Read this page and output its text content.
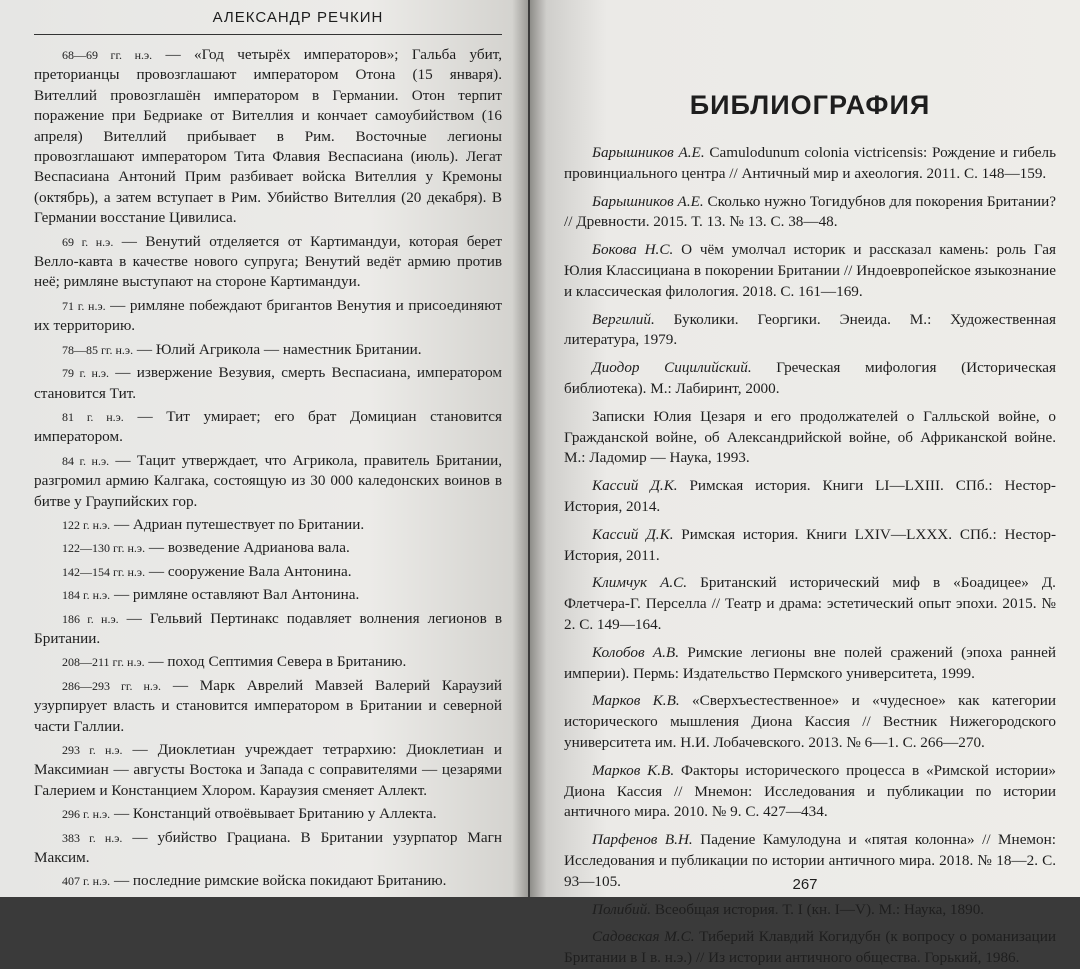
АЛЕКСАНДР РЕЧКИН

68—69 гг. н.э. — «Год четырёх императоров»; Гальба убит, преторианцы провозглашают императором Отона (15 января). Вителлий провозглашён императором в Германии. Отон терпит поражение при Бедриаке от Вителлия и кончает самоубийством (16 апреля) Вителлий прибывает в Рим. Восточные легионы провозглашают императором Тита Флавия Веспасиана (июль). Легат Веспасиана Антоний Прим разбивает войска Вителлия у Кремоны (октябрь), а затем вступает в Рим. Убийство Вителлия (20 декабря). В Германии восстание Цивилиса.

69 г. н.э. — Венутий отделяется от Картимандуи, которая берет Велло-кавта в качестве нового супруга; Венутий ведёт армию против неё; римляне выступают на стороне Картимандуи.

71 г. н.э. — римляне побеждают бригантов Венутия и присоединяют их территорию.

78—85 гг. н.э. — Юлий Агрикола — наместник Британии.

79 г. н.э. — извержение Везувия, смерть Веспасиана, императором становится Тит.

81 г. н.э. — Тит умирает; его брат Домициан становится императором.

84 г. н.э. — Тацит утверждает, что Агрикола, правитель Британии, разгромил армию Калгака, состоящую из 30 000 каледонских воинов в битве у Граупийских гор.

122 г. н.э. — Адриан путешествует по Британии.

122—130 гг. н.э. — возведение Адрианова вала.

142—154 гг. н.э. — сооружение Вала Антонина.

184 г. н.э. — римляне оставляют Вал Антонина.

186 г. н.э. — Гельвий Пертинакс подавляет волнения легионов в Британии.

208—211 гг. н.э. — поход Септимия Севера в Британию.

286—293 гг. н.э. — Марк Аврелий Мавзей Валерий Караузий узурпирует власть и становится императором в Британии и северной части Галлии.

293 г. н.э. — Диоклетиан учреждает тетрархию: Диоклетиан и Максимиан — августы Востока и Запада с соправителями — цезарями Галерием и Констанцием Хлором. Караузия сменяет Аллект.

296 г. н.э. — Констанций отвоёвывает Британию у Аллекта.

383 г. н.э. — убийство Грациана. В Британии узурпатор Магн Максим.

407 г. н.э. — последние римские войска покидают Британию.

БИБЛИОГРАФИЯ

Барышников А.Е. Camulodunum colonia victricensis: Рождение и гибель провинциального центра // Античный мир и ахеология. 2011. С. 148—159.

Барышников А.Е. Сколько нужно Тогидубнов для покорения Британии? // Древности. 2015. Т. 13. № 13. С. 38—48.

Бокова Н.С. О чём умолчал историк и рассказал камень: роль Гая Юлия Классициана в покорении Британии // Индоевропейское языкознание и классическая филология. 2018. С. 161—169.

Вергилий. Буколики. Георгики. Энеида. М.: Художественная литература, 1979.

Диодор Сицилийский. Греческая мифология (Историческая библиотека). М.: Лабиринт, 2000.

Записки Юлия Цезаря и его продолжателей о Галльской войне, о Гражданской войне, об Александрийской войне, об Африканской войне. М.: Ладомир — Наука, 1993.

Кассий Д.К. Римская история. Книги LI—LXIII. СПб.: Нестор-История, 2014.

Кассий Д.К. Римская история. Книги LXIV—LXXX. СПб.: Нестор-История, 2011.

Климчук А.С. Британский исторический миф в «Боадицее» Д. Флетчера-Г. Перселла // Театр и драма: эстетический опыт эпохи. 2015. № 2. С. 149—164.

Колобов А.В. Римские легионы вне полей сражений (эпоха ранней империи). Пермь: Издательство Пермского университета, 1999.

Марков К.В. «Сверхъестественное» и «чудесное» как категории исторического мышления Диона Кассия // Вестник Нижегородского университета им. Н.И. Лобачевского. 2013. № 6—1. С. 266—270.

Марков К.В. Факторы исторического процесса в «Римской истории» Диона Кассия // Мнемон: Исследования и публикации по истории античного мира. 2010. № 9. С. 427—434.

Парфенов В.Н. Падение Камулодуна и «пятая колонна» // Мнемон: Исследования и публикации по истории античного мира. 2018. № 18—2. С. 93—105.

Полибий. Всеобщая история. Т. I (кн. I—V). М.: Наука, 1890.

Садовская М.С. Тиберий Клавдий Когидубн (к вопросу о романизации Британии в I в. н.э.) // Из истории античного общества. Горький, 1986.

267
